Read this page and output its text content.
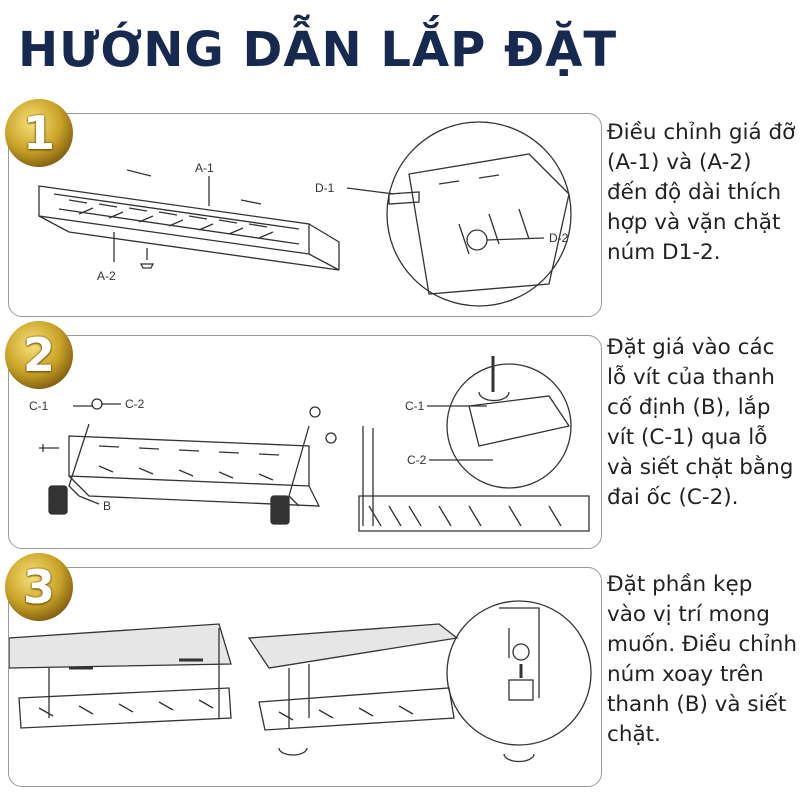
HƯỚNG DẪN LẮP ĐẶT
A-1
A-2
D-1
D-2
C-1	C-2
B
C-1
C-2
1
2
3
Điều chỉnh giá đỡ (A-1) và (A-2) đến độ dài thích hợp và vặn chặt núm D1-2.
Đặt giá vào các lỗ vít của thanh cố định (B), lắp vít (C-1) qua lỗ và siết chặt bằng đai ốc (C-2).
Đặt phần kẹp vào vị trí mong muốn. Điều chỉnh núm xoay trên thanh (B) và siết chặt.
